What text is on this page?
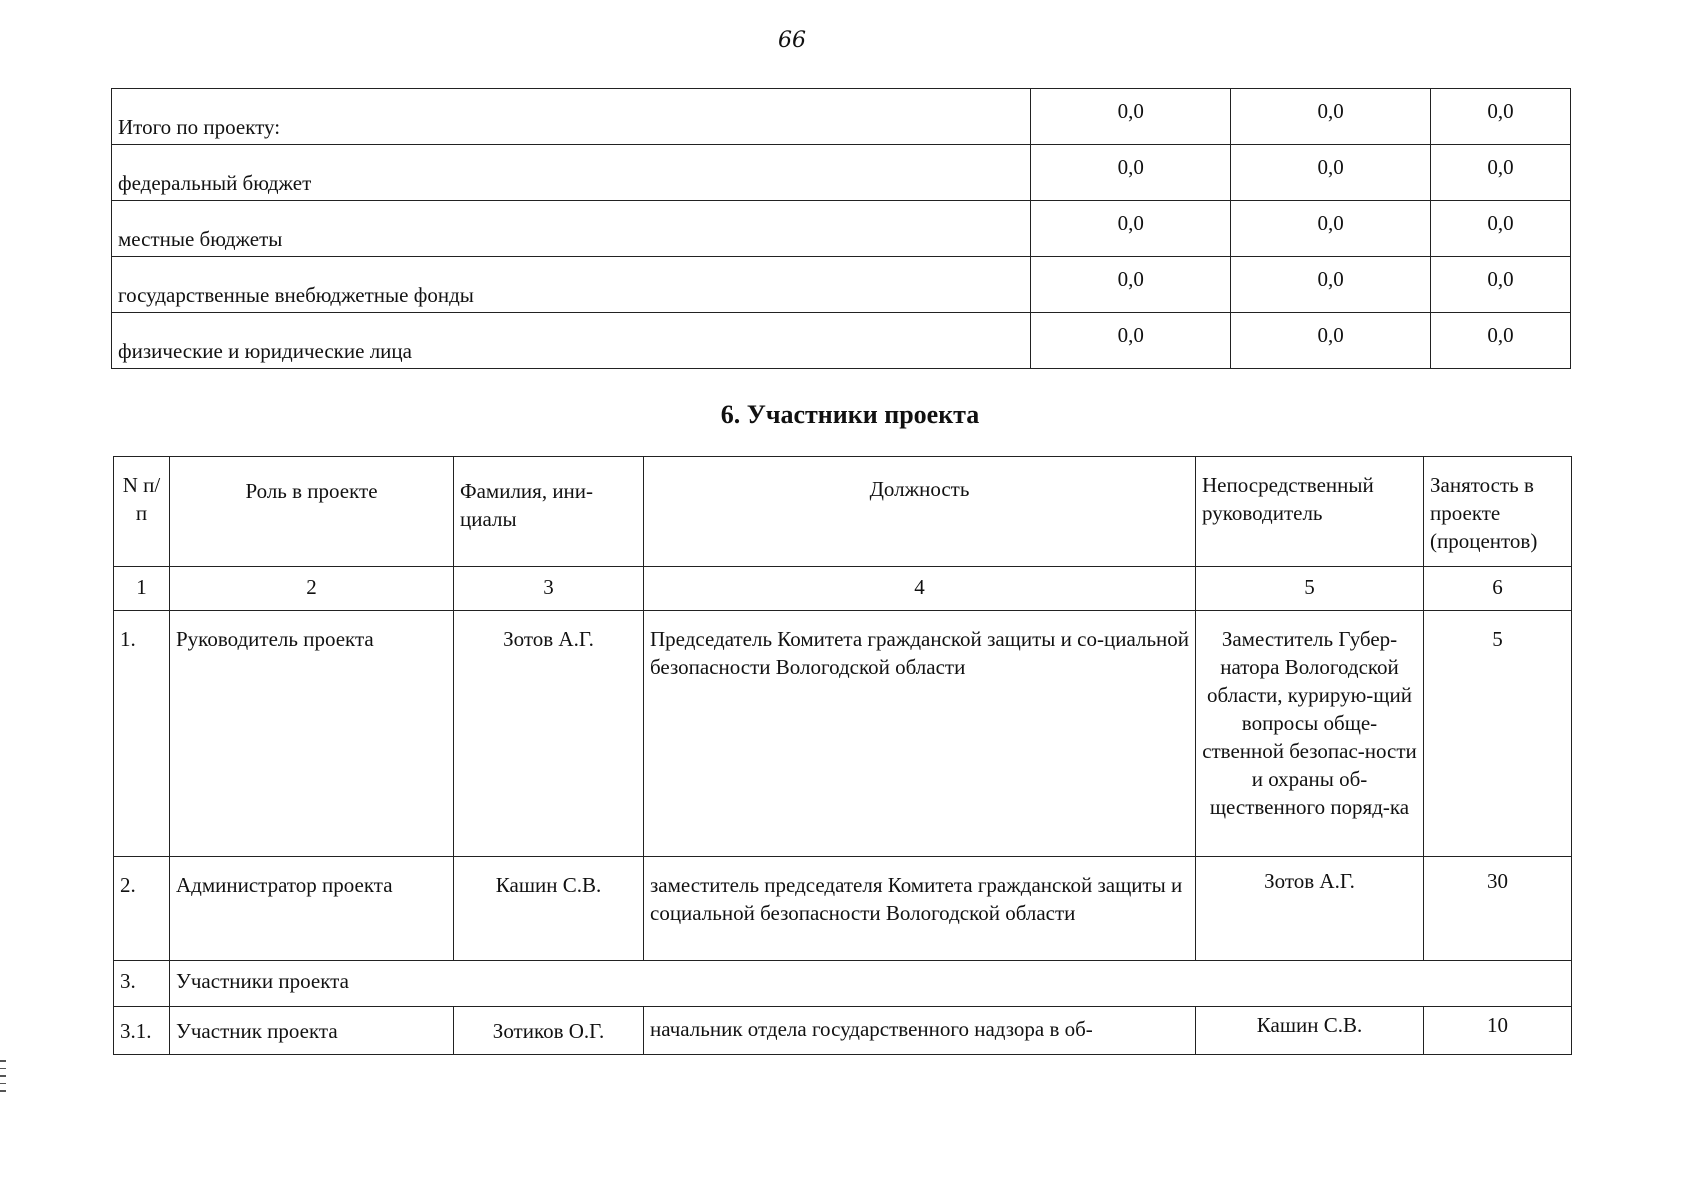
66
Итого по проекту:	0,0	0,0	0,0
федеральный бюджет	0,0	0,0	0,0
местные бюджеты	0,0	0,0	0,0
государственные внебюджетные фонды	0,0	0,0	0,0
физические и юридические лица	0,0	0,0	0,0
6. Участники проекта
N п/п	Роль в проекте	Фамилия, ини-циалы	Должность	Непосредственный руководитель	Занятость в проекте (процентов)
1	2	3	4	5	6
1.	Руководитель проекта	Зотов А.Г.	Председатель Комитета гражданской защиты и со-циальной безопасности Вологодской области	Заместитель Губер-натора Вологодской области, курирую-щий вопросы обще-ственной безопас-ности и охраны об-щественного поряд-ка	5
2.	Администратор проекта	Кашин С.В.	заместитель председателя Комитета гражданской защиты и социальной безопасности Вологодской области	Зотов А.Г.	30
3.	Участники проекта				
3.1.	Участник проекта	Зотиков О.Г.	начальник отдела государственного надзора в об-	Кашин С.В.	10
